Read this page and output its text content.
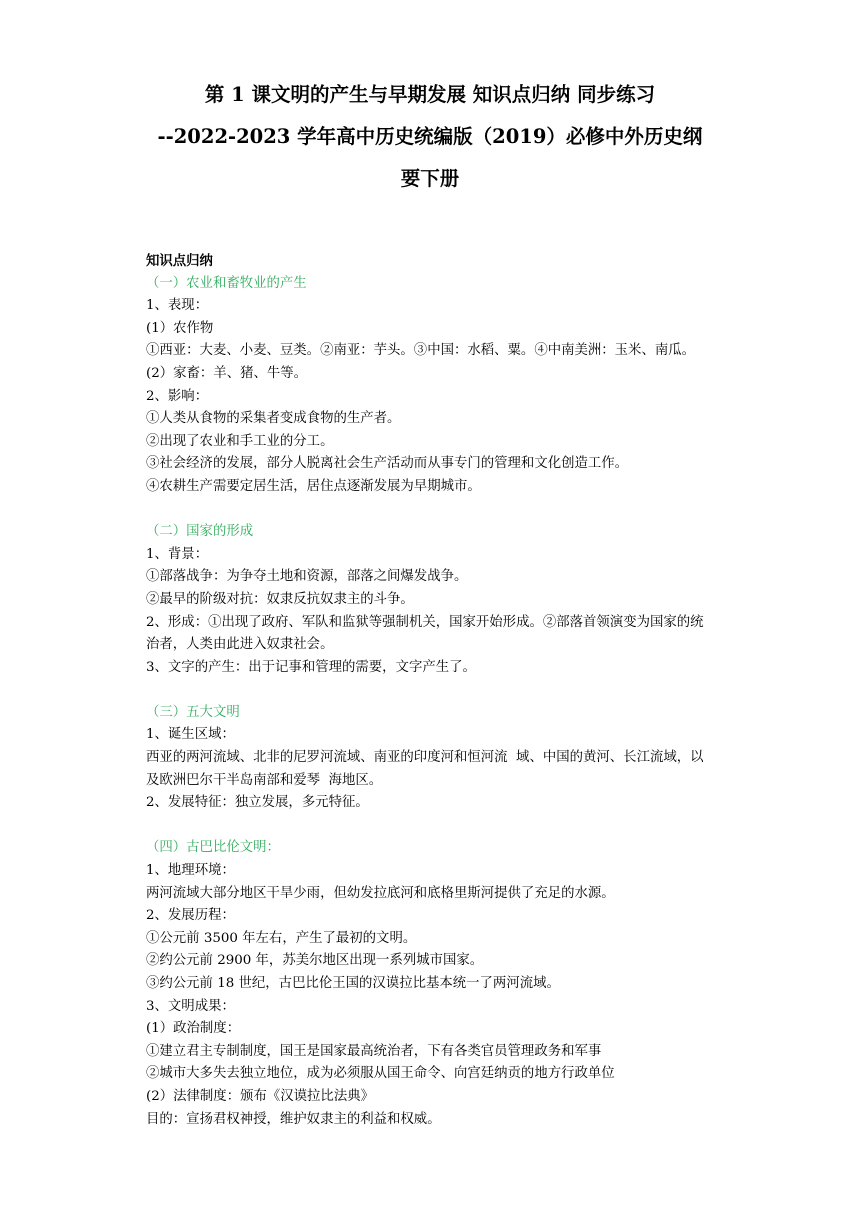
第 1 课文明的产生与早期发展 知识点归纳 同步练习
--2022-2023 学年高中历史统编版（2019）必修中外历史纲
要下册

知识点归纳

（一）农业和畜牧业的产生

1、表现：

(1）农作物

①西亚：大麦、小麦、豆类。②南亚：芋头。③中国：水稻、粟。④中南美洲：玉米、南瓜。

(2）家畜：羊、猪、牛等。

2、影响：

①人类从食物的采集者变成食物的生产者。

②出现了农业和手工业的分工。

③社会经济的发展，部分人脱离社会生产活动而从事专门的管理和文化创造工作。

④农耕生产需要定居生活，居住点逐渐发展为早期城市。

（二）国家的形成

1、背景：

①部落战争：为争夺土地和资源，部落之间爆发战争。

②最早的阶级对抗：奴隶反抗奴隶主的斗争。

2、形成：①出现了政府、军队和监狱等强制机关，国家开始形成。②部落首领演变为国家的统治者，人类由此进入奴隶社会。

3、文字的产生：出于记事和管理的需要，文字产生了。

（三）五大文明

1、诞生区域：

西亚的两河流域、北非的尼罗河流域、南亚的印度河和恒河流  域、中国的黄河、长江流域，以及欧洲巴尔干半岛南部和爱琴  海地区。

2、发展特征：独立发展，多元特征。

（四）古巴比伦文明：

1、地理环境：

两河流域大部分地区干旱少雨，但幼发拉底河和底格里斯河提供了充足的水源。

2、发展历程：

①公元前 3500 年左右，产生了最初的文明。

②约公元前 2900 年，苏美尔地区出现一系列城市国家。

③约公元前 18 世纪，古巴比伦王国的汉谟拉比基本统一了两河流域。

3、文明成果：

(1）政治制度：

①建立君主专制制度，国王是国家最高统治者，下有各类官员管理政务和军事

②城市大多失去独立地位，成为必须服从国王命令、向宫廷纳贡的地方行政单位

(2）法律制度：颁布《汉谟拉比法典》

目的：宣扬君权神授，维护奴隶主的利益和权威。
